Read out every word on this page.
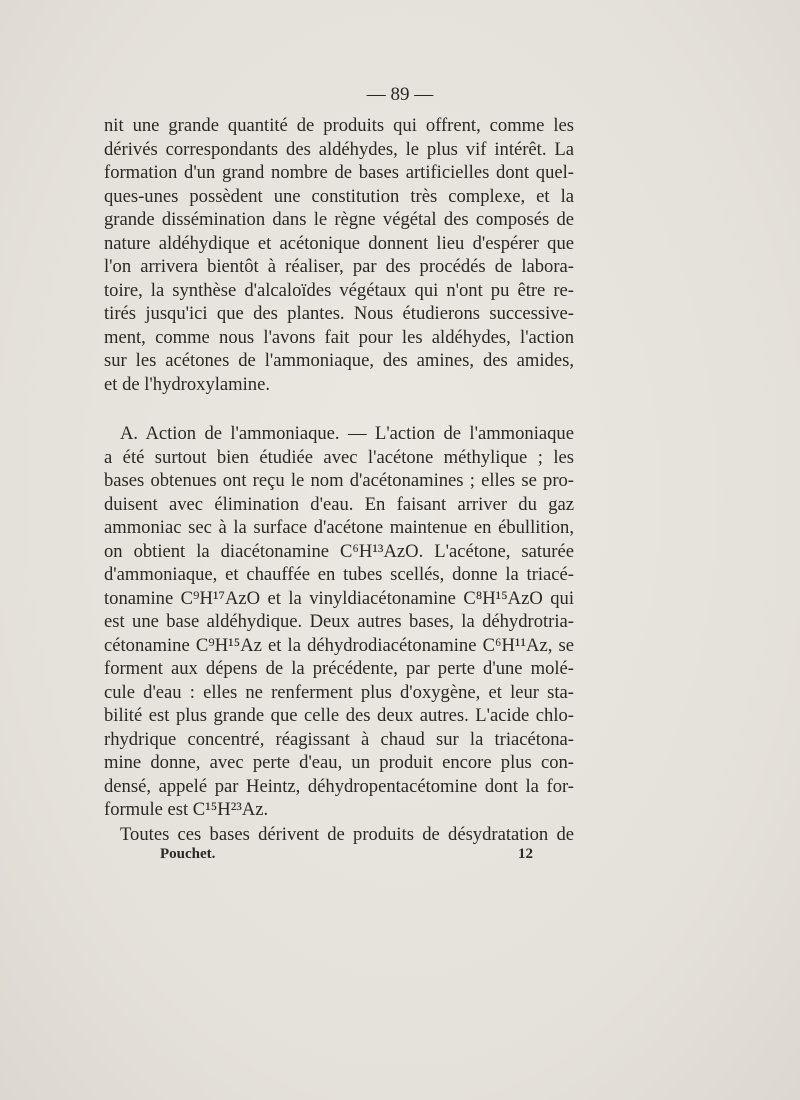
— 89 —
nit une grande quantité de produits qui offrent, comme les
dérivés correspondants des aldéhydes, le plus vif intérêt. La
formation d'un grand nombre de bases artificielles dont quel-
ques-unes possèdent une constitution très complexe, et la
grande dissémination dans le règne végétal des composés de
nature aldéhydique et acétonique donnent lieu d'espérer que
l'on arrivera bientôt à réaliser, par des procédés de labora-
toire, la synthèse d'alcaloïdes végétaux qui n'ont pu être re-
tirés jusqu'ici que des plantes. Nous étudierons successive-
ment, comme nous l'avons fait pour les aldéhydes, l'action
sur les acétones de l'ammoniaque, des amines, des amides,
et de l'hydroxylamine.
A. Action de l'ammoniaque. — L'action de l'ammoniaque
a été surtout bien étudiée avec l'acétone méthylique ; les
bases obtenues ont reçu le nom d'acétonamines ; elles se pro-
duisent avec élimination d'eau. En faisant arriver du gaz
ammoniac sec à la surface d'acétone maintenue en ébullition,
on obtient la diacétonamine C⁶H¹³AzO. L'acétone, saturée
d'ammoniaque, et chauffée en tubes scellés, donne la triacé-
tonamine C⁹H¹⁷AzO et la vinyldiacétonamine C⁸H¹⁵AzO qui
est une base aldéhydique. Deux autres bases, la déhydrotria-
cétonamine C⁹H¹⁵Az et la déhydrodiacétonamine C⁶H¹¹Az, se
forment aux dépens de la précédente, par perte d'une molé-
cule d'eau : elles ne renferment plus d'oxygène, et leur sta-
bilité est plus grande que celle des deux autres. L'acide chlo-
rhydrique concentré, réagissant à chaud sur la triacétona-
mine donne, avec perte d'eau, un produit encore plus con-
densé, appelé par Heintz, déhydropentacétomine dont la for-
formule est C¹⁵H²³Az.
Toutes ces bases dérivent de produits de désydratation de
Pouchet.	12
